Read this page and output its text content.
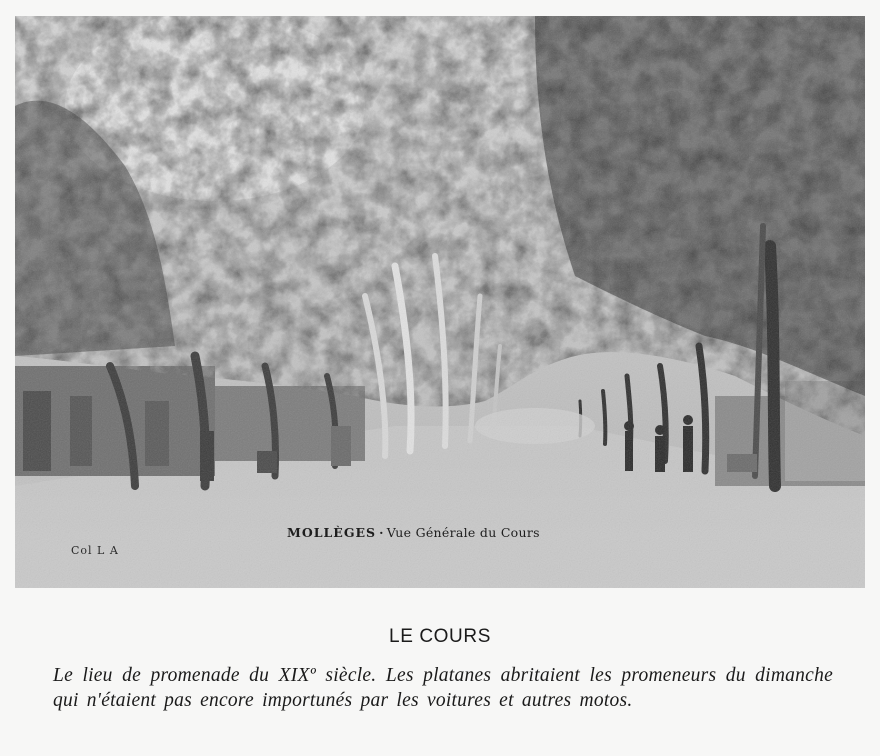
MOLLÈGES · Vue Générale du Cours
Col L A
LE COURS

Le lieu de promenade du XIXº siècle. Les platanes abritaient les promeneurs du dimanche qui n'étaient pas encore importunés par les voitures et autres motos.
